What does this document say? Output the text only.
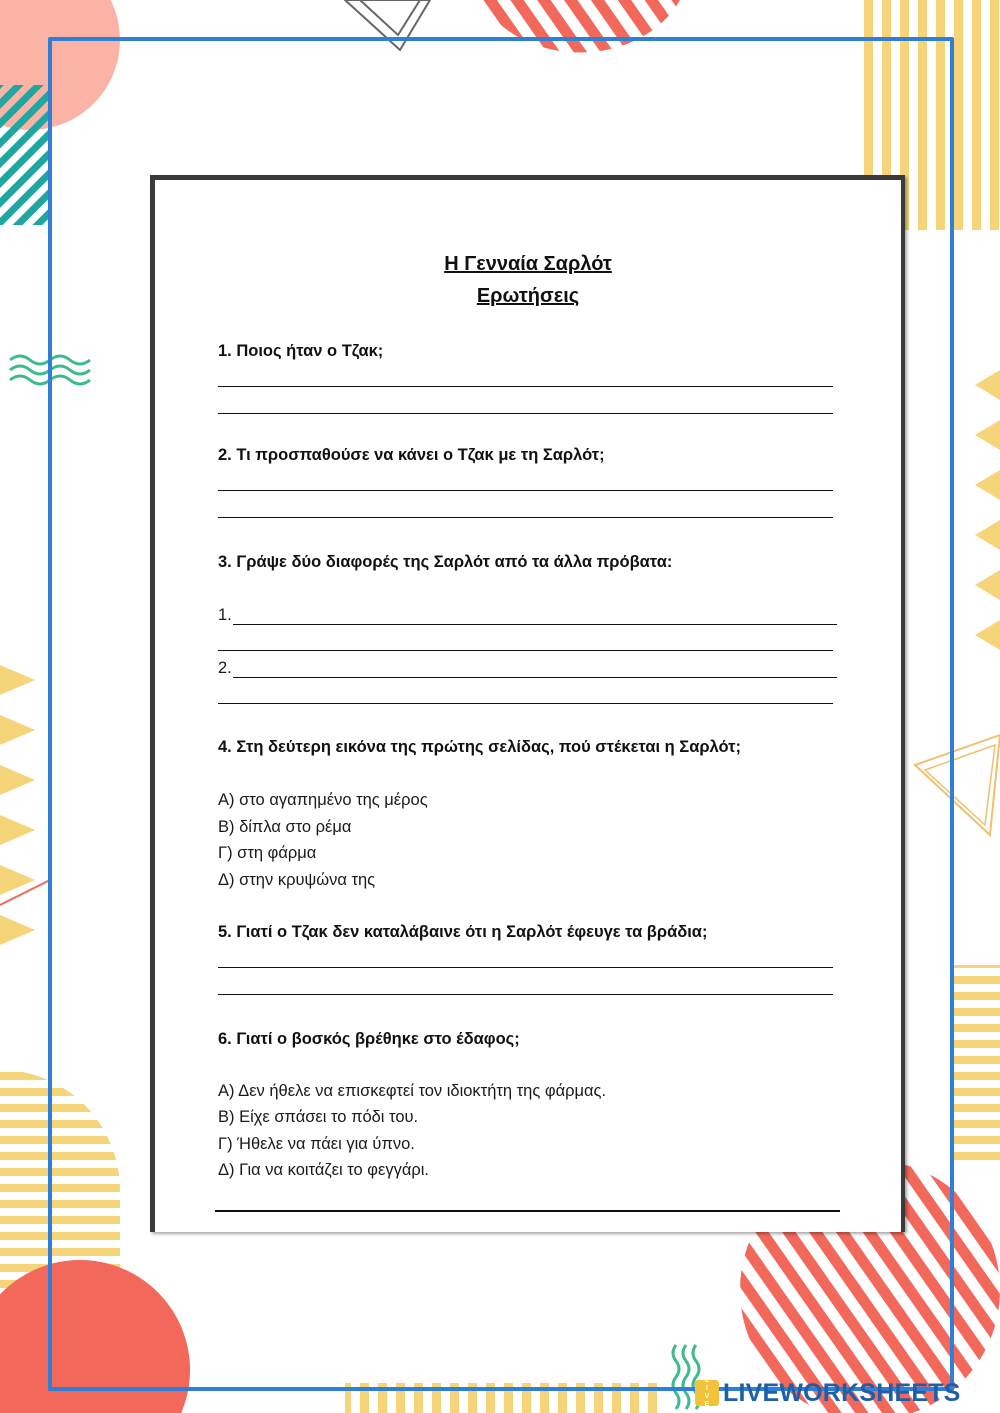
Η Γενναία Σαρλότ
Ερωτήσεις
1. Ποιος ήταν ο Τζακ;
2. Τι προσπαθούσε να κάνει ο Τζακ με τη Σαρλότ;
3. Γράψε δύο διαφορές της Σαρλότ από τα άλλα πρόβατα:
1.
2.
4. Στη δεύτερη εικόνα της πρώτης σελίδας, πού στέκεται η Σαρλότ;
Α) στο αγαπημένο της μέρος
Β) δίπλα στο ρέμα
Γ) στη φάρμα
Δ) στην κρυψώνα της
5. Γιατί ο Τζακ δεν καταλάβαινε ότι η Σαρλότ έφευγε τα βράδια;
6. Γιατί ο βοσκός βρέθηκε στο έδαφος;
Α) Δεν ήθελε να επισκεφτεί τον ιδιοκτήτη της φάρμας.
Β) Είχε σπάσει το πόδι του.
Γ) Ήθελε να πάει για ύπνο.
Δ) Για να κοιτάζει το φεγγάρι.
L
I
V
E LIVEWORKSHEETS
